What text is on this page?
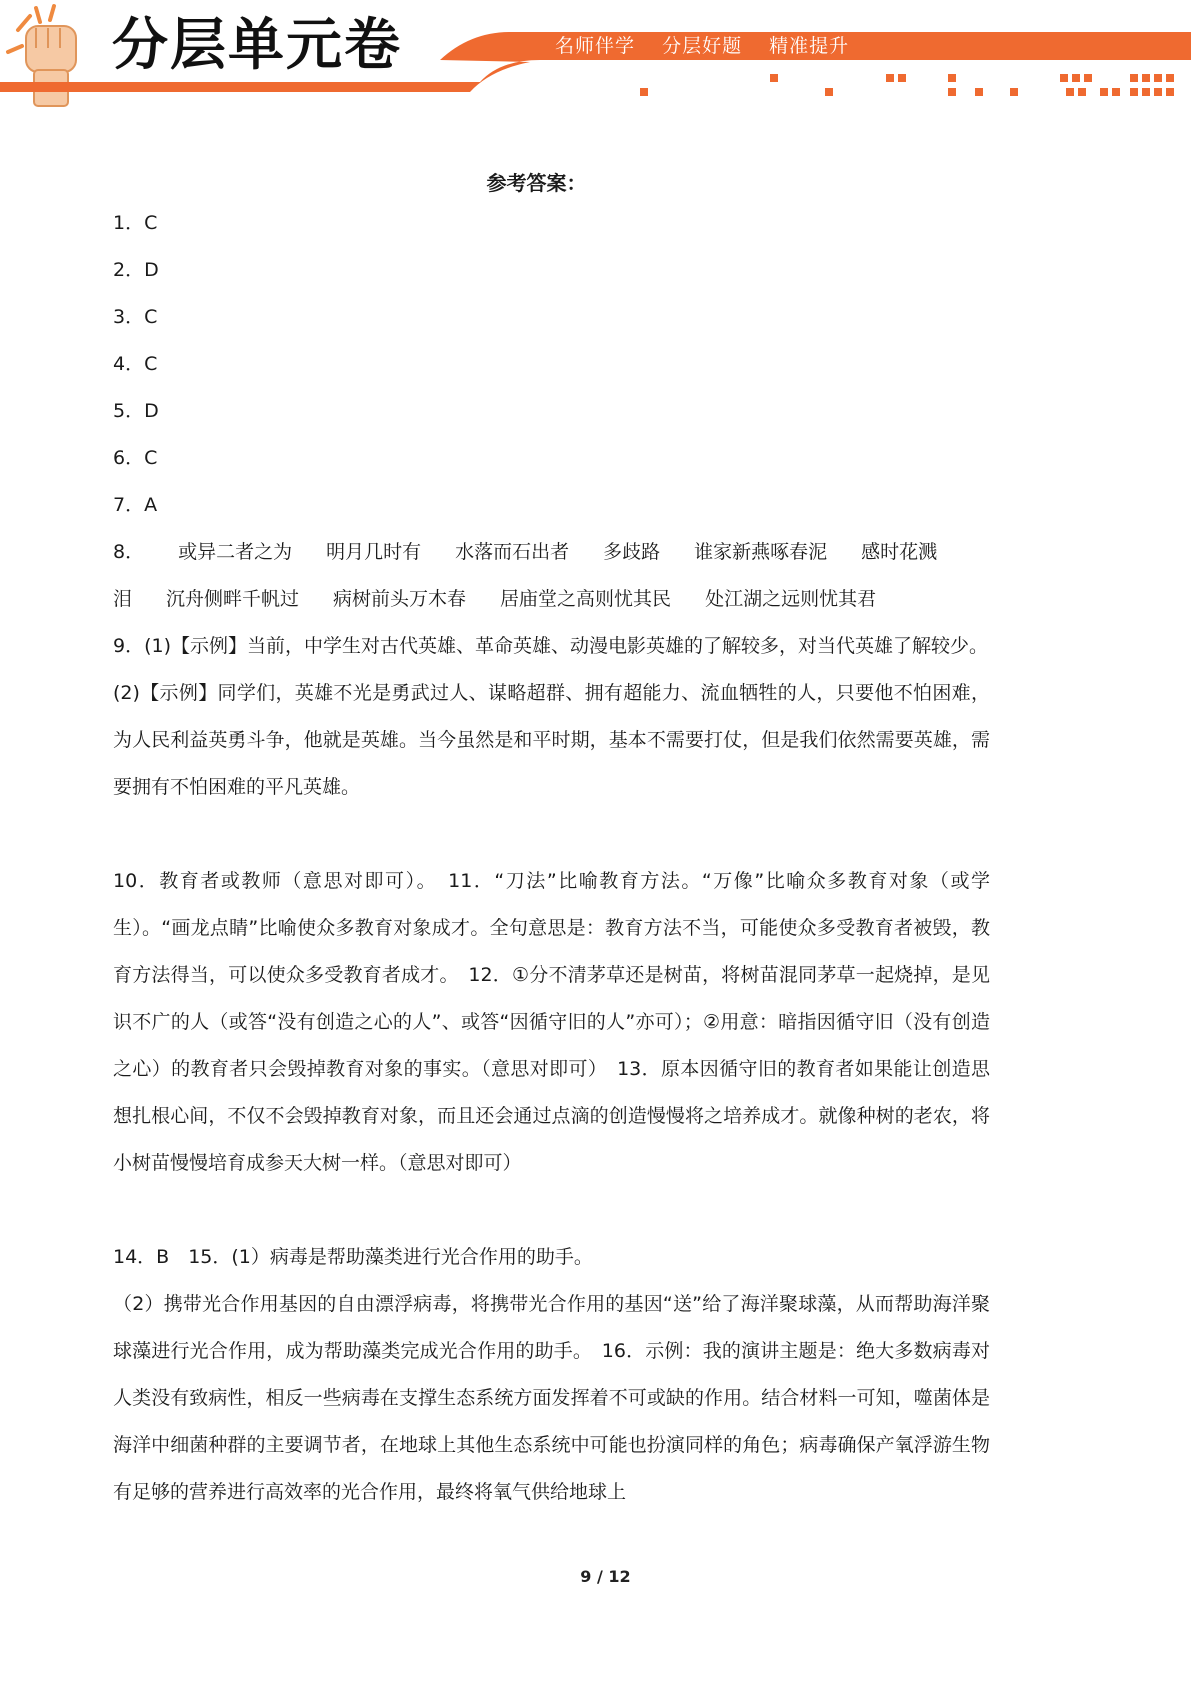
分层单元卷	名师伴学 分层好题 精准提升
参考答案：
1．C
2．D
3．C
4．C
5．D
6．C
7．A
8． 或异二者之为 明月几时有 水落而石出者 多歧路 谁家新燕啄春泥 感时花溅
泪 沉舟侧畔千帆过 病树前头万木春 居庙堂之高则忧其民 处江湖之远则忧其君
9．(1)【示例】当前，中学生对古代英雄、革命英雄、动漫电影英雄的了解较多，对当代英雄了解较少。
(2)【示例】同学们，英雄不光是勇武过人、谋略超群、拥有超能力、流血牺牲的人，只要他不怕困难，为人民利益英勇斗争，他就是英雄。当今虽然是和平时期，基本不需要打仗，但是我们依然需要英雄，需要拥有不怕困难的平凡英雄。
10．教育者或教师（意思对即可）。　11．“刀法”比喻教育方法。“万像”比喻众多教育对象（或学生）。“画龙点睛”比喻使众多教育对象成才。全句意思是：教育方法不当，可能使众多受教育者被毁，教育方法得当，可以使众多受教育者成才。　12．①分不清茅草还是树苗，将树苗混同茅草一起烧掉，是见识不广的人（或答“没有创造之心的人”、或答“因循守旧的人”亦可）；②用意：暗指因循守旧（没有创造之心）的教育者只会毁掉教育对象的事实。（意思对即可）　13．原本因循守旧的教育者如果能让创造思想扎根心间，不仅不会毁掉教育对象，而且还会通过点滴的创造慢慢将之培养成才。就像种树的老农，将小树苗慢慢培育成参天大树一样。（意思对即可）
14．B　15．(1）病毒是帮助藻类进行光合作用的助手。
（2）携带光合作用基因的自由漂浮病毒，将携带光合作用的基因“送”给了海洋聚球藻，从而帮助海洋聚球藻进行光合作用，成为帮助藻类完成光合作用的助手。　16．示例：我的演讲主题是：绝大多数病毒对人类没有致病性，相反一些病毒在支撑生态系统方面发挥着不可或缺的作用。结合材料一可知，噬菌体是海洋中细菌种群的主要调节者，在地球上其他生态系统中可能也扮演同样的角色；病毒确保产氧浮游生物有足够的营养进行高效率的光合作用，最终将氧气供给地球上
9 / 12
